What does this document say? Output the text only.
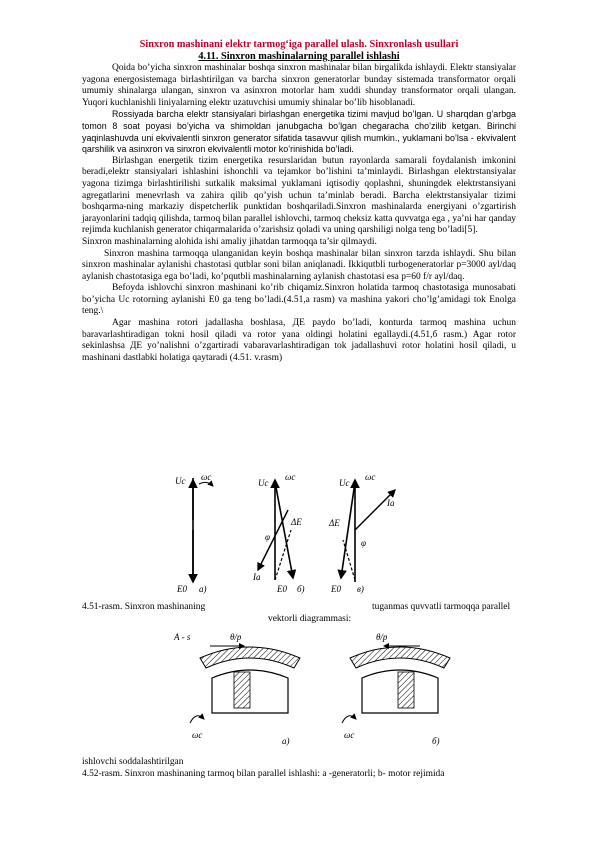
Sinxron mashinani elektr tarmog‘iga parallel ulash. Sinxronlash usullari
4.11. Sinxron mashinalarning parallel ishlashi

Qoida bo’yicha sinxron mashinalar boshqa sinxron mashinalar bilan birgalikda ishlaydi. Elektr stansiyalar yagona energosistemaga birlashtirilgan va barcha sinxron generatorlar bunday sistemada transformator orqali umumiy shinalarga ulangan, sinxron va asinxron motorlar ham xuddi shunday transformator orqali ulangan. Yuqori kuchlanishli liniyalarning elektr uzatuvchisi umumiy shinalar bo’lib hisoblanadi.

Rossiyada barcha elektr stansiyalari birlashgan energetika tizimi mavjud bo’lgan. U sharqdan g’arbga tomon 8 soat poyasi bo’yicha va shimoldan janubgacha bo’lgan chegaracha cho’zilib ketgan. Birinchi yaqinlashuvda uni ekvivalentli sinxron generator sifatida tasavvur qilish mumkin., yuklamani bo’lsa - ekvivalent qarshilik va asinxron va sinxron ekvivalentli motor ko’rinishida bo’ladi.

Birlashgan energetik tizim energetika resurslaridan butun rayonlarda samarali foydalanish imkonini beradi,elektr stansiyalari ishlashini ishonchli va tejamkor bo’lishini ta’minlaydi. Birlashgan elektrstansiyalar yagona tizimga birlashtirilishi sutkalik maksimal yuklamani iqtisodiy qoplashni, shuningdek elektrstansiyani agregatlarini menevrlash va zahira qilib qo’yish uchun ta’minlab beradi. Barcha elektrstansiyalar tizimi boshqarma-ning markaziy dispetcherlik punktidan boshqariladi.Sinxron mashinalarda energiyani o’zgartirish jarayonlarini tadqiq qilishda, tarmoq bilan parallel ishlovchi, tarmoq cheksiz katta quvvatga ega , ya’ni har qanday rejimda kuchlanish generator chiqarmalarida o’zarishsiz qoladi va uning qarshiligi nolga teng bo’ladi[5].

Sinxron mashinalarning alohida ishi amaliy jihatdan tarmoqqa ta’sir qilmaydi.

Sinxron mashina tarmoqqa ulanganidan keyin boshqa mashinalar bilan sinxron tarzda ishlaydi. Shu bilan sinxron mashinalar aylanishi chastotasi qutblar soni bilan aniqlanadi. Ikkiqutbli turbogeneratorlar p=3000 ayl/daq aylanish chastotasiga ega bo’ladi, ko’pqutbli mashinalarning aylanish chastotasi esa p=60 f/r ayl/daq.

Befoyda ishlovchi sinxron mashinani ko’rib chiqamiz.Sinxron holatida tarmoq chastotasiga munosabati bo’yicha Uc rotorning aylanishi E0 ga teng bo’ladi.(4.51,a rasm) va mashina yakori cho’lg’amidagi tok Enolga teng.\

Agar mashina rotori jadallasha boshlasa, ДE paydo bo’ladi, konturda tarmoq mashina uchun baravarlashtiradigan tokni hosil qiladi va rotor yana oldingi holatini egallaydi.(4.51,б rasm.) Agar rotor sekinlashsa ДE yo’nalishni o’zgartiradi vabaravarlashtiradigan tok jadallashuvi rotor holatini hosil qiladi, u mashinani dastlabki holatiga qaytaradi (4.51. v.rasm)

Uc ωc
E0 a)
Uc
ωc
ΔE
φ
Ia
E0 б)
Uc
ωc
ΔE
φ
Ia
E0 в)
4.51-rasm. Sinxron mashinaning	tuganmas quvvatli tarmoqqa parallel
vektorli diagrammasi:
A - s	θ/p
ωc
a)
θ/p
ωc
б)
ishlovchi soddalashtirilgan
4.52-rasm. Sinxron mashinaning tarmoq bilan parallel ishlashi: a -generatorli; b- motor rejimida
